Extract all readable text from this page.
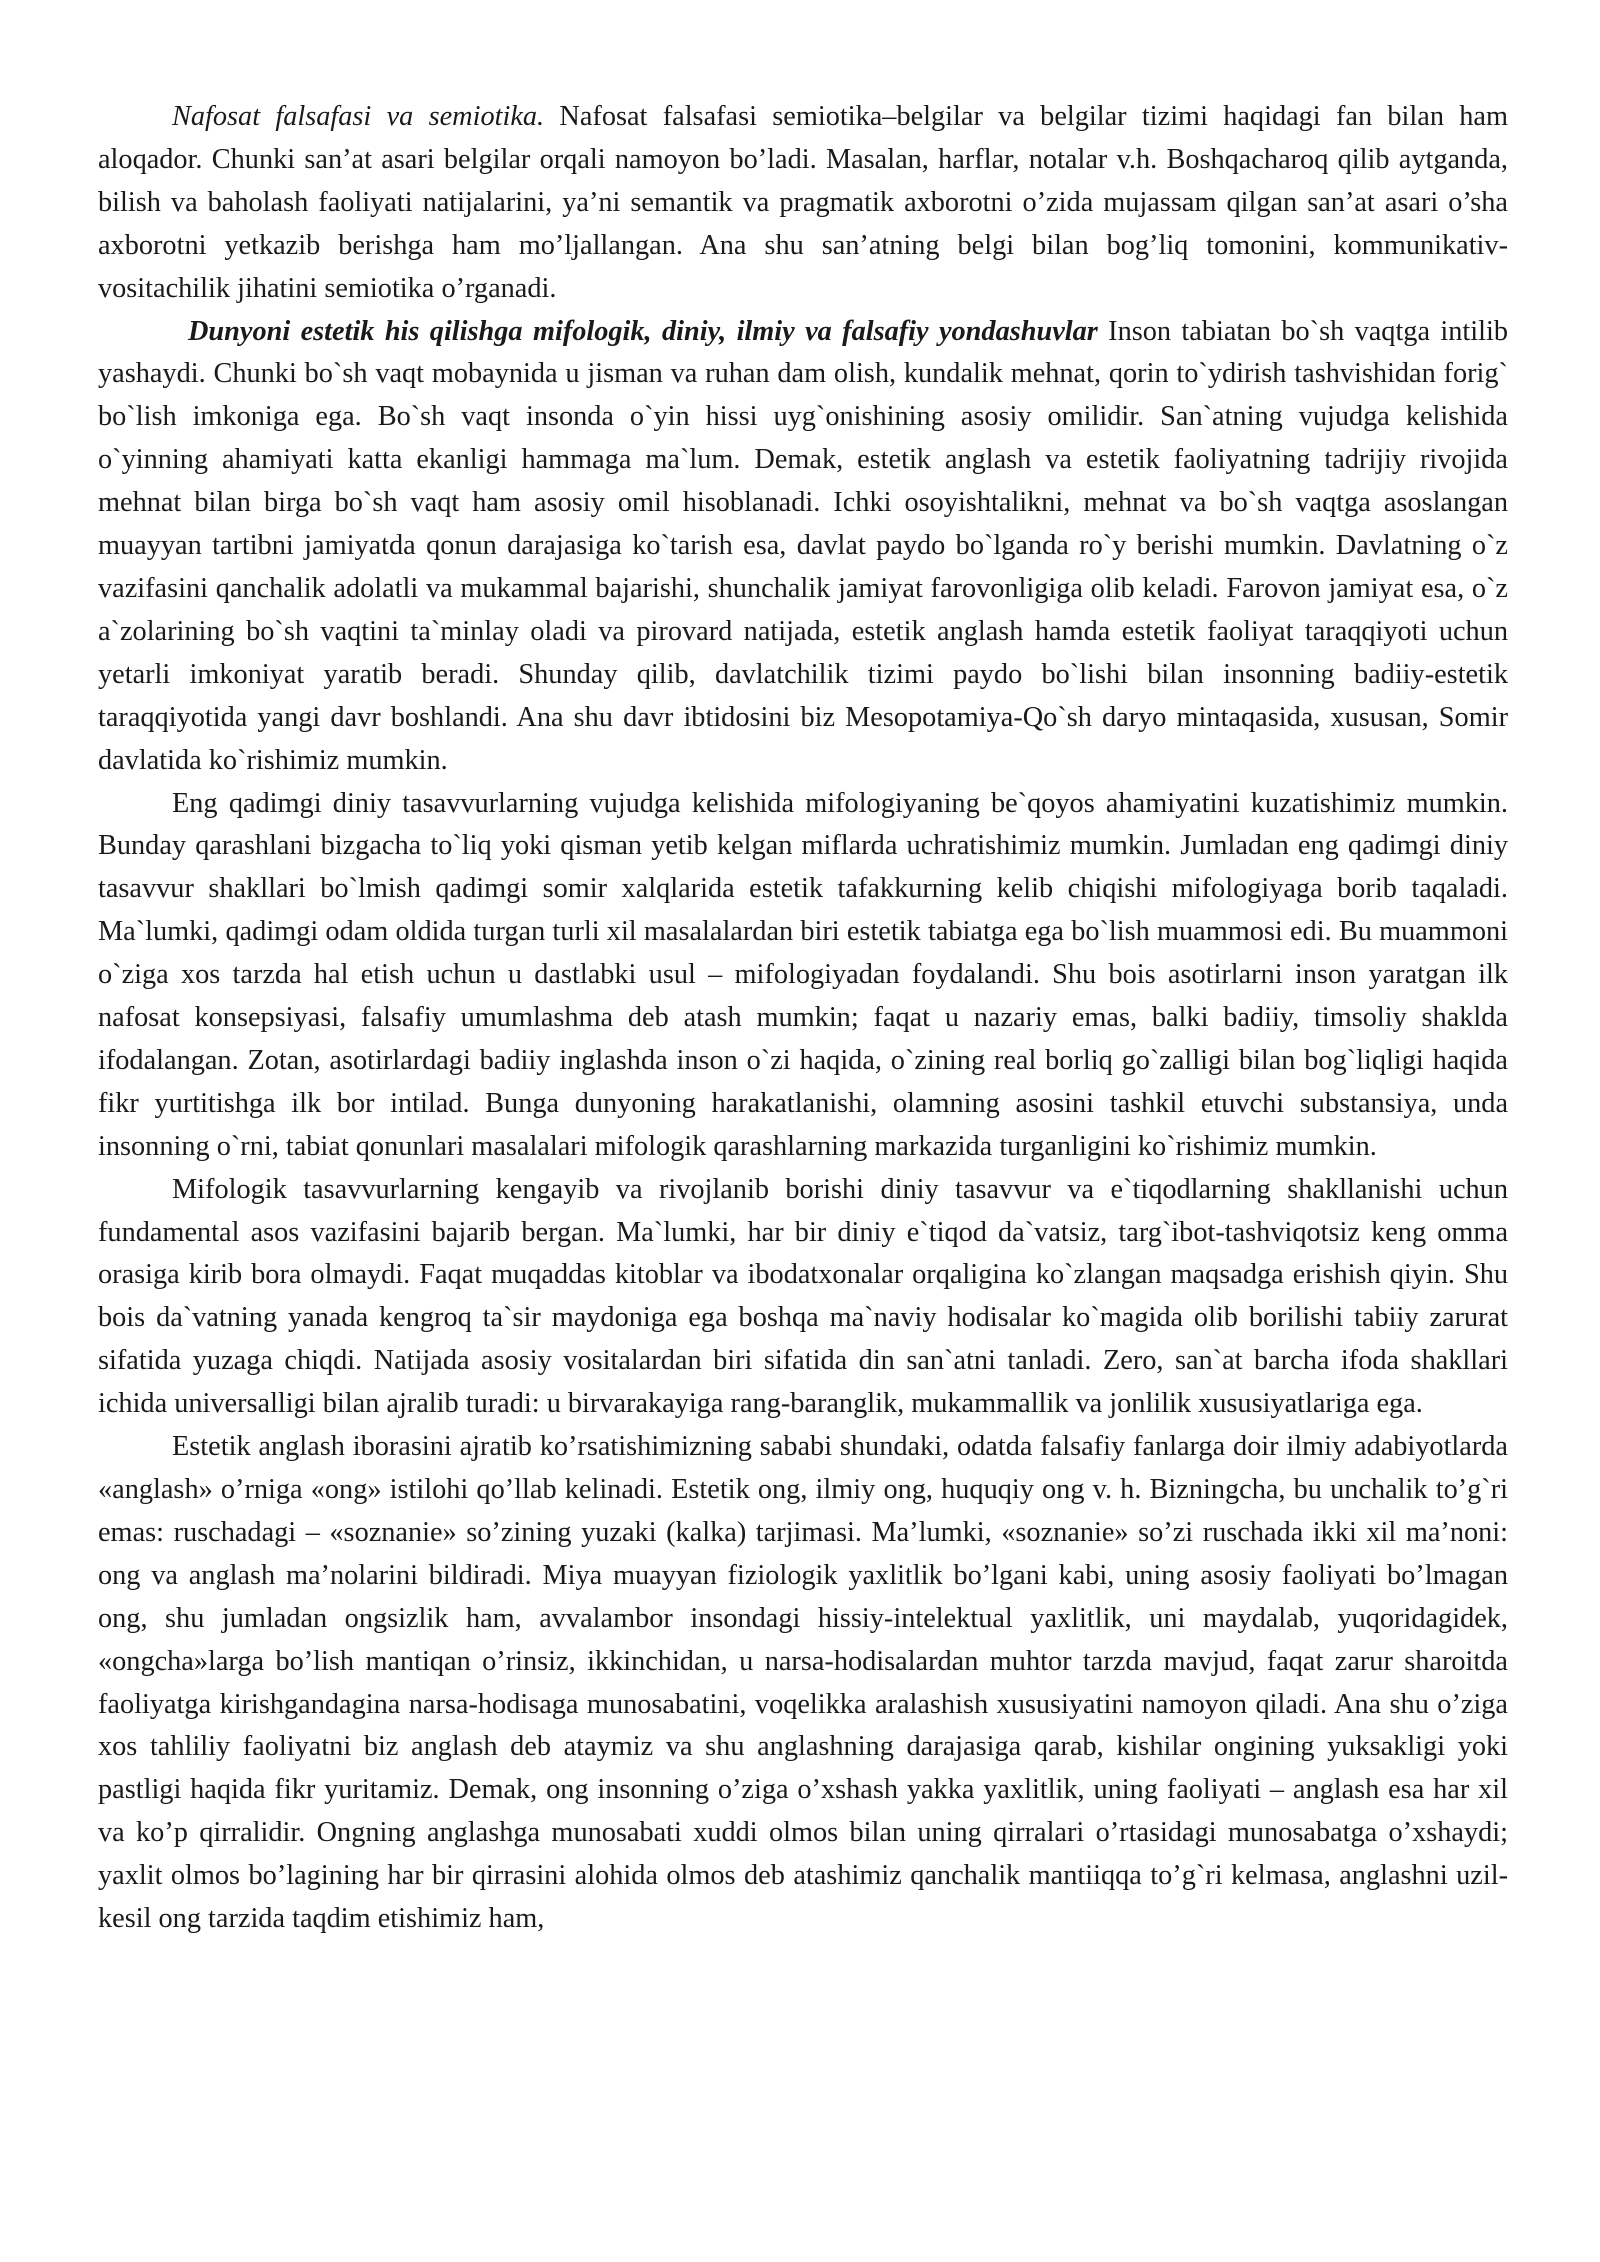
Nafosat falsafasi va semiotika. Nafosat falsafasi semiotika–belgilar va belgilar tizimi haqidagi fan bilan ham aloqador. Chunki san’at asari belgilar orqali namoyon bo’ladi. Masalan, harflar, notalar v.h. Boshqacharoq qilib aytganda, bilish va baholash faoliyati natijalarini, ya’ni semantik va pragmatik axborotni o’zida mujassam qilgan san’at asari o’sha axborotni yetkazib berishga ham mo’ljallangan. Ana shu san’atning belgi bilan bog’liq tomonini, kommunikativ-vositachilik jihatini semiotika o’rganadi.

Dunyoni estetik his qilishga mifologik, diniy, ilmiy va falsafiy yondashuvlar Inson tabiatan bo`sh vaqtga intilib yashaydi. Chunki bo`sh vaqt mobaynida u jisman va ruhan dam olish, kundalik mehnat, qorin to`ydirish tashvishidan forig` bo`lish imkoniga ega. Bo`sh vaqt insonda o`yin hissi uyg`onishining asosiy omilidir. San`atning vujudga kelishida o`yinning ahamiyati katta ekanligi hammaga ma`lum. Demak, estetik anglash va estetik faoliyatning tadrijiy rivojida mehnat bilan birga bo`sh vaqt ham asosiy omil hisoblanadi. Ichki osoyishtalikni, mehnat va bo`sh vaqtga asoslangan muayyan tartibni jamiyatda qonun darajasiga ko`tarish esa, davlat paydo bo`lganda ro`y berishi mumkin. Davlatning o`z vazifasini qanchalik adolatli va mukammal bajarishi, shunchalik jamiyat farovonligiga olib keladi. Farovon jamiyat esa, o`z a`zolarining bo`sh vaqtini ta`minlay oladi va pirovard natijada, estetik anglash hamda estetik faoliyat taraqqiyoti uchun yetarli imkoniyat yaratib beradi. Shunday qilib, davlatchilik tizimi paydo bo`lishi bilan insonning badiiy-estetik taraqqiyotida yangi davr boshlandi. Ana shu davr ibtidosini biz Mesopotamiya-Qo`sh daryo mintaqasida, xususan, Somir davlatida ko`rishimiz mumkin.

Eng qadimgi diniy tasavvurlarning vujudga kelishida mifologiyaning be`qoyos ahamiyatini kuzatishimiz mumkin. Bunday qarashlani bizgacha to`liq yoki qisman yetib kelgan miflarda uchratishimiz mumkin. Jumladan eng qadimgi diniy tasavvur shakllari bo`lmish qadimgi somir xalqlarida estetik tafakkurning kelib chiqishi mifologiyaga borib taqaladi. Ma`lumki, qadimgi odam oldida turgan turli xil masalalardan biri estetik tabiatga ega bo`lish muammosi edi. Bu muammoni o`ziga xos tarzda hal etish uchun u dastlabki usul – mifologiyadan foydalandi. Shu bois asotirlarni inson yaratgan ilk nafosat konsepsiyasi, falsafiy umumlashma deb atash mumkin; faqat u nazariy emas, balki badiiy, timsoliy shaklda ifodalangan. Zotan, asotirlardagi badiiy inglashda inson o`zi haqida, o`zining real borliq go`zalligi bilan bog`liqligi haqida fikr yurtitishga ilk bor intilad. Bunga dunyoning harakatlanishi, olamning asosini tashkil etuvchi substansiya, unda insonning o`rni, tabiat qonunlari masalalari mifologik qarashlarning markazida turganligini ko`rishimiz mumkin.

Mifologik tasavvurlarning kengayib va rivojlanib borishi diniy tasavvur va e`tiqodlarning shakllanishi uchun fundamental asos vazifasini bajarib bergan. Ma`lumki, har bir diniy e`tiqod da`vatsiz, targ`ibot-tashviqotsiz keng omma orasiga kirib bora olmaydi. Faqat muqaddas kitoblar va ibodatxonalar orqaligina ko`zlangan maqsadga erishish qiyin. Shu bois da`vatning yanada kengroq ta`sir maydoniga ega boshqa ma`naviy hodisalar ko`magida olib borilishi tabiiy zarurat sifatida yuzaga chiqdi. Natijada asosiy vositalardan biri sifatida din san`atni tanladi. Zero, san`at barcha ifoda shakllari ichida universalligi bilan ajralib turadi: u birvarakayiga rang-baranglik, mukammallik va jonlilik xususiyatlariga ega.

Estetik anglash iborasini ajratib ko’rsatishimizning sababi shundaki, odatda falsafiy fanlarga doir ilmiy adabiyotlarda «anglash» o’rniga «ong» istilohi qo’llab kelinadi. Estetik ong, ilmiy ong, huquqiy ong v. h. Bizningcha, bu unchalik to’g`ri emas: ruschadagi – «soznanie» so’zining yuzaki (kalka) tarjimasi. Ma’lumki, «soznanie» so’zi ruschada ikki xil ma’noni: ong va anglash ma’nolarini bildiradi. Miya muayyan fiziologik yaxlitlik bo’lgani kabi, uning asosiy faoliyati bo’lmagan ong, shu jumladan ongsizlik ham, avvalambor insondagi hissiy-intelektual yaxlitlik, uni maydalab, yuqoridagidek, «ongcha»larga bo’lish mantiqan o’rinsiz, ikkinchidan, u narsa-hodisalardan muhtor tarzda mavjud, faqat zarur sharoitda faoliyatga kirishgandagina narsa-hodisaga munosabatini, voqelikka aralashish xususiyatini namoyon qiladi. Ana shu o’ziga xos tahliliy faoliyatni biz anglash deb ataymiz va shu anglashning darajasiga qarab, kishilar ongining yuksakligi yoki pastligi haqida fikr yuritamiz. Demak, ong insonning o’ziga o’xshash yakka yaxlitlik, uning faoliyati – anglash esa har xil va ko’p qirralidir. Ongning anglashga munosabati xuddi olmos bilan uning qirralari o’rtasidagi munosabatga o’xshaydi; yaxlit olmos bo’lagining har bir qirrasini alohida olmos deb atashimiz qanchalik mantiiqqa to’g`ri kelmasa, anglashni uzil-kesil ong tarzida taqdim etishimiz ham,
